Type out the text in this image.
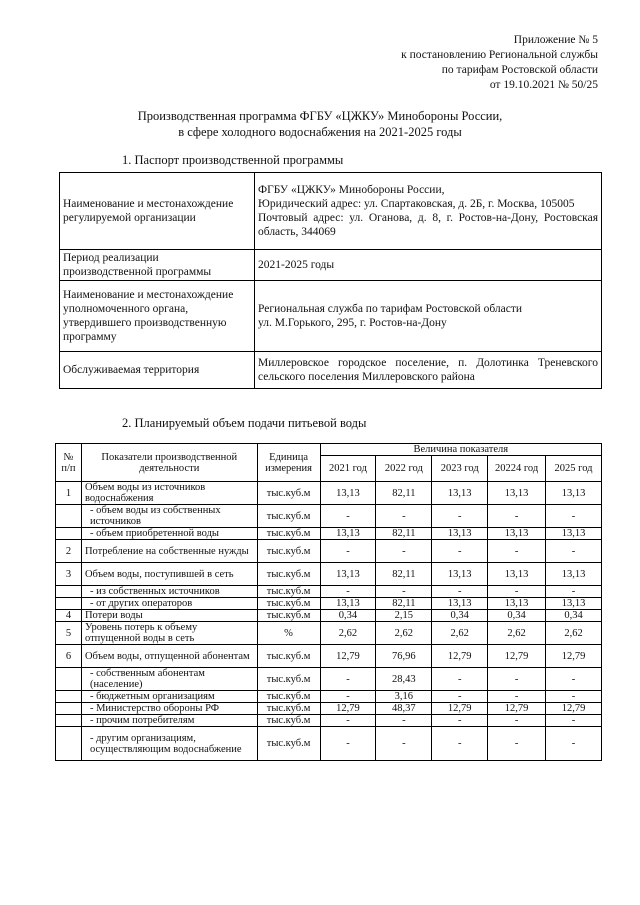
Приложение № 5
к постановлению Региональной службы
по тарифам Ростовской области
от 19.10.2021 № 50/25
Производственная программа ФГБУ «ЦЖКУ» Минобороны России,
в сфере холодного водоснабжения на 2021-2025 годы
1. Паспорт производственной программы
Наименование и местонахождение регулируемой организации	ФГБУ «ЦЖКУ» Минобороны России,
Юридический адрес: ул. Спартаковская, д. 2Б, г. Москва, 105005
Почтовый адрес: ул. Оганова, д. 8, г. Ростов-на-Дону, Ростовская область, 344069

Период реализации производственной программы	2021-2025 годы

Наименование и местонахождение уполномоченного органа, утвердившего производственную программу	Региональная служба по тарифам Ростовской области
ул. М.Горького, 295, г. Ростов-на-Дону

Обслуживаемая территория	Миллеровское городское поселение, п. Долотинка Треневского сельского поселения Миллеровского района
2. Планируемый объем подачи питьевой воды
№ п/п	Показатели производственной деятельности	Единица измерения	Величина показателя				
			2021 год	2022 год	2023 год	20224 год	2025 год
1	Объем воды из источников водоснабжения	тыс.куб.м	13,13	82,11	13,13	13,13	13,13
	- объем воды из собственных источников	тыс.куб.м	-	-	-	-	-
	- объем приобретенной воды	тыс.куб.м	13,13	82,11	13,13	13,13	13,13
2	Потребление на собственные нужды	тыс.куб.м	-	-	-	-	-
3	Объем воды, поступившей в сеть	тыс.куб.м	13,13	82,11	13,13	13,13	13,13
	- из собственных источников	тыс.куб.м	-	-	-	-	-
	- от других операторов	тыс.куб.м	13,13	82,11	13,13	13,13	13,13
4	Потери воды	тыс.куб.м	0,34	2,15	0,34	0,34	0,34
5	Уровень потерь к объему отпущенной воды в сеть	%	2,62	2,62	2,62	2,62	2,62
6	Объем воды, отпущенной абонентам	тыс.куб.м	12,79	76,96	12,79	12,79	12,79
	- собственным абонентам (население)	тыс.куб.м	-	28,43	-	-	-
	- бюджетным организациям	тыс.куб.м	-	3,16	-	-	-
	- Министерство обороны РФ	тыс.куб.м	12,79	48,37	12,79	12,79	12,79
	- прочим потребителям	тыс.куб.м	-	-	-	-	-
	- другим организациям, осуществляющим водоснабжение	тыс.куб.м	-	-	-	-	-
